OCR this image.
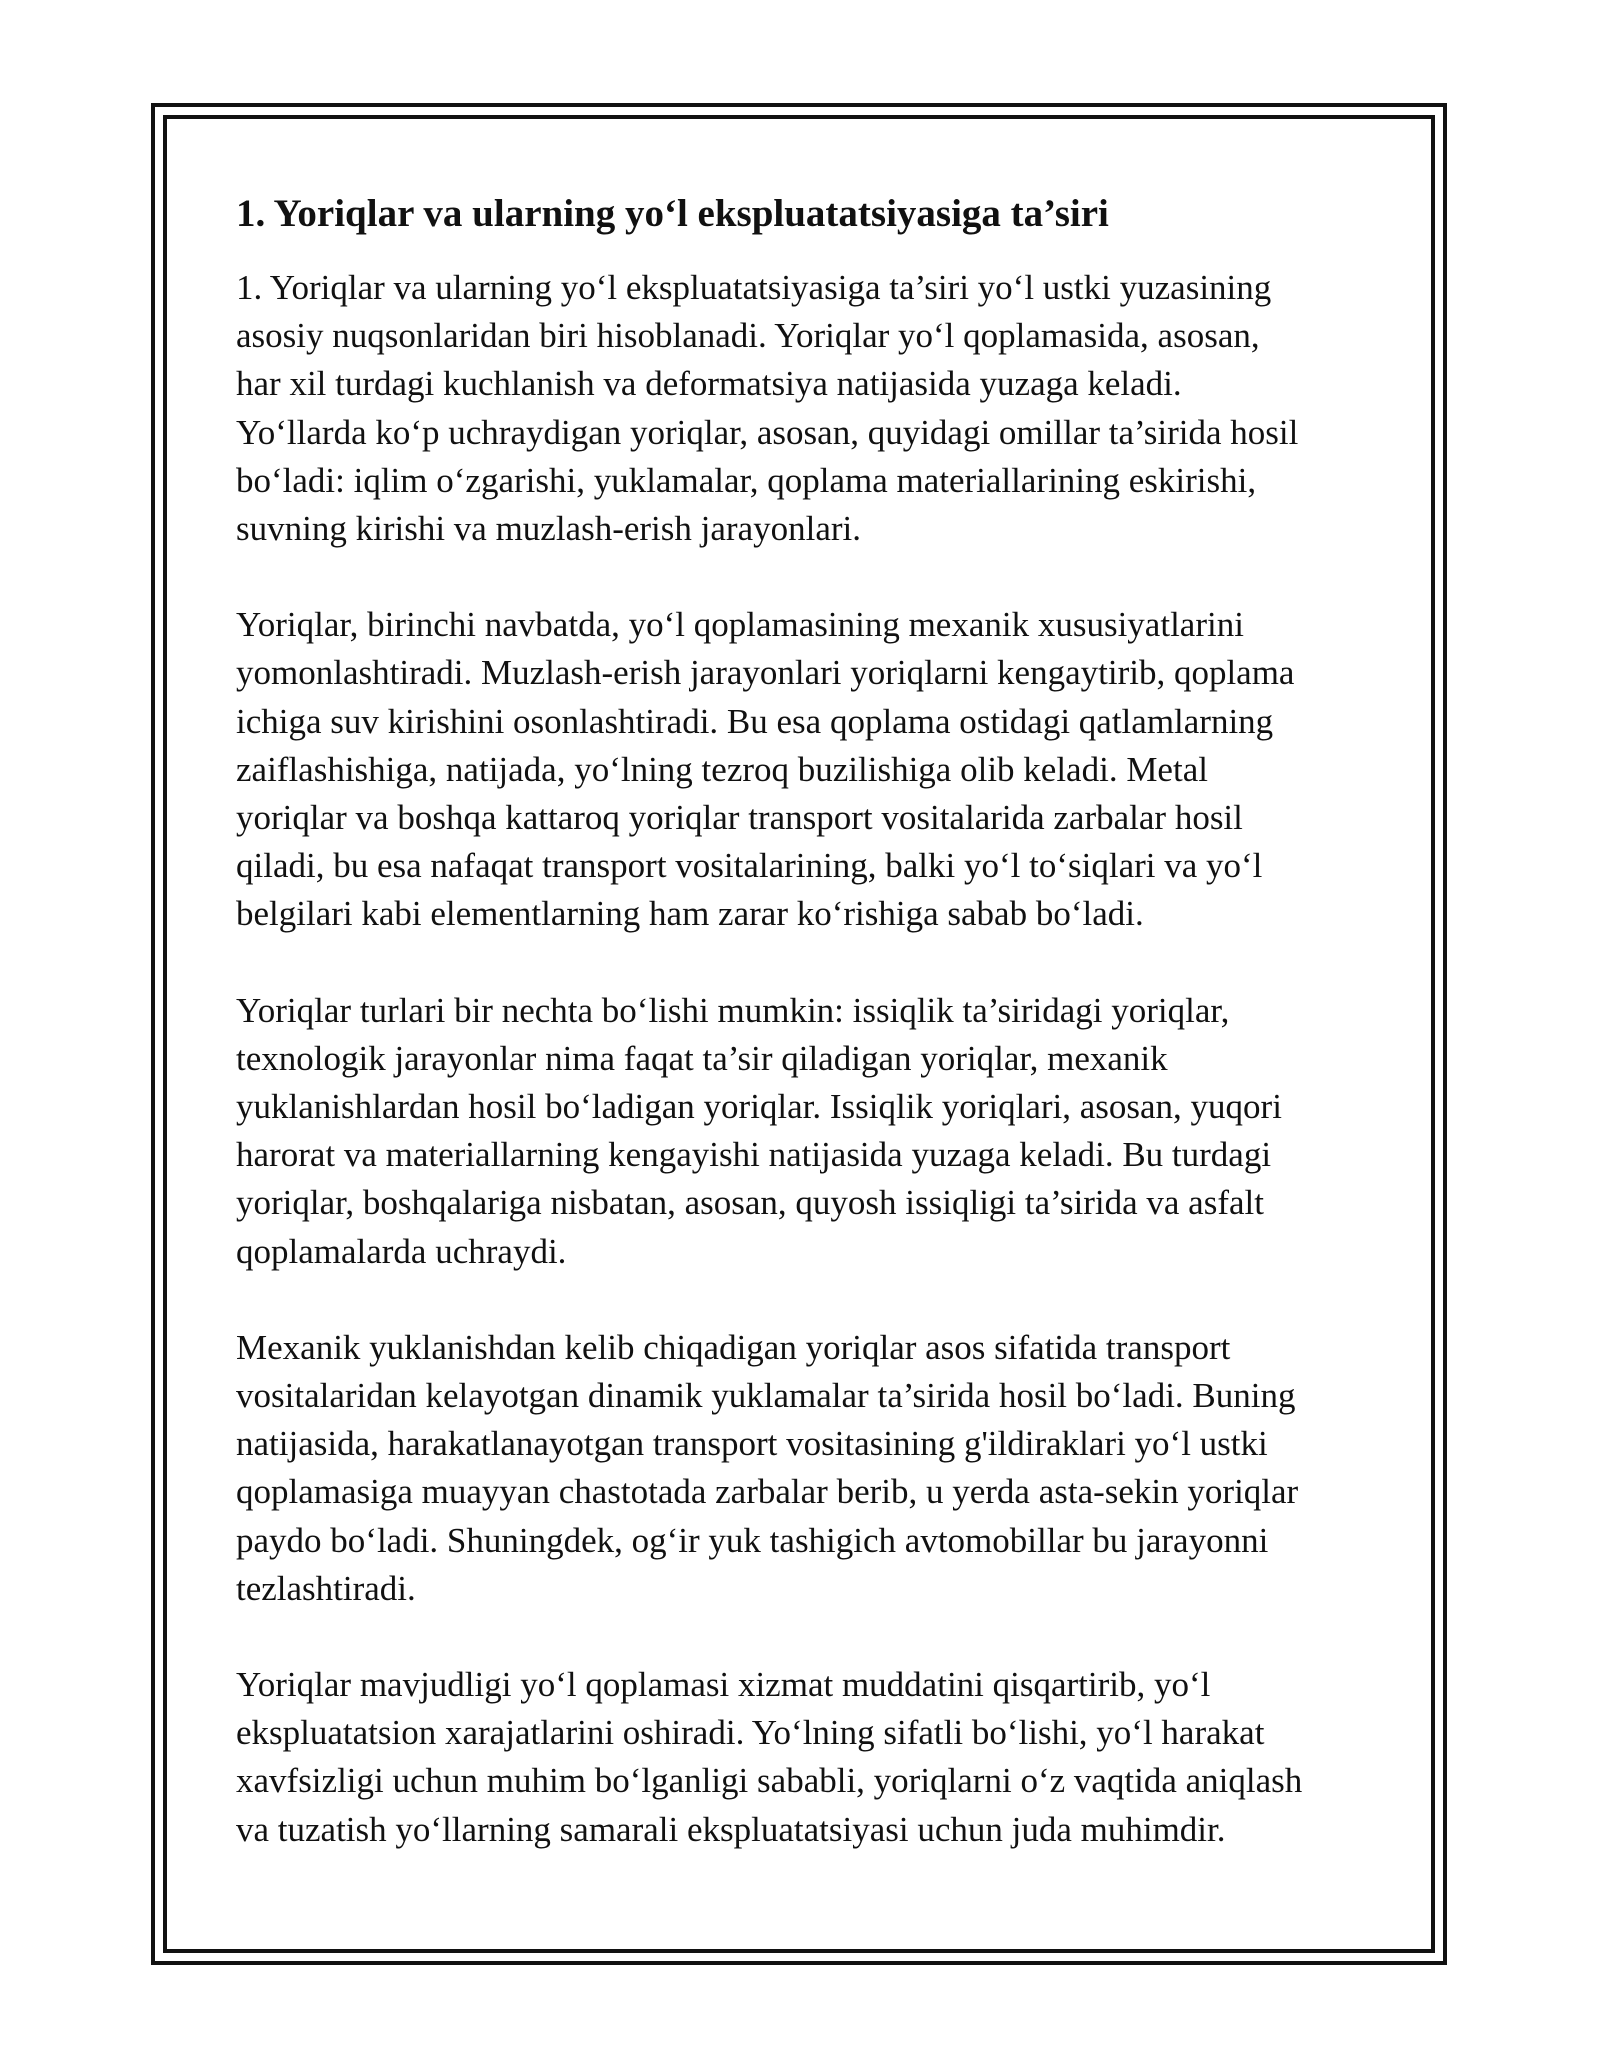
1. Yoriqlar va ularning yo‘l ekspluatatsiyasiga ta’siri

1. Yoriqlar va ularning yo‘l ekspluatatsiyasiga ta’siri yo‘l ustki yuzasining
asosiy nuqsonlaridan biri hisoblanadi. Yoriqlar yo‘l qoplamasida, asosan,
har xil turdagi kuchlanish va deformatsiya natijasida yuzaga keladi.
Yo‘llarda ko‘p uchraydigan yoriqlar, asosan, quyidagi omillar ta’sirida hosil
bo‘ladi: iqlim o‘zgarishi, yuklamalar, qoplama materiallarining eskirishi,
suvning kirishi va muzlash-erish jarayonlari.

Yoriqlar, birinchi navbatda, yo‘l qoplamasining mexanik xususiyatlarini
yomonlashtiradi. Muzlash-erish jarayonlari yoriqlarni kengaytirib, qoplama
ichiga suv kirishini osonlashtiradi. Bu esa qoplama ostidagi qatlamlarning
zaiflashishiga, natijada, yo‘lning tezroq buzilishiga olib keladi. Metal
yoriqlar va boshqa kattaroq yoriqlar transport vositalarida zarbalar hosil
qiladi, bu esa nafaqat transport vositalarining, balki yo‘l to‘siqlari va yo‘l
belgilari kabi elementlarning ham zarar ko‘rishiga sabab bo‘ladi.

Yoriqlar turlari bir nechta bo‘lishi mumkin: issiqlik ta’siridagi yoriqlar,
texnologik jarayonlar nima faqat ta’sir qiladigan yoriqlar, mexanik
yuklanishlardan hosil bo‘ladigan yoriqlar. Issiqlik yoriqlari, asosan, yuqori
harorat va materiallarning kengayishi natijasida yuzaga keladi. Bu turdagi
yoriqlar, boshqalariga nisbatan, asosan, quyosh issiqligi ta’sirida va asfalt
qoplamalarda uchraydi.

Mexanik yuklanishdan kelib chiqadigan yoriqlar asos sifatida transport
vositalaridan kelayotgan dinamik yuklamalar ta’sirida hosil bo‘ladi. Buning
natijasida, harakatlanayotgan transport vositasining g'ildiraklari yo‘l ustki
qoplamasiga muayyan chastotada zarbalar berib, u yerda asta-sekin yoriqlar
paydo bo‘ladi. Shuningdek, og‘ir yuk tashigich avtomobillar bu jarayonni
tezlashtiradi.

Yoriqlar mavjudligi yo‘l qoplamasi xizmat muddatini qisqartirib, yo‘l
ekspluatatsion xarajatlarini oshiradi. Yo‘lning sifatli bo‘lishi, yo‘l harakat
xavfsizligi uchun muhim bo‘lganligi sababli, yoriqlarni o‘z vaqtida aniqlash
va tuzatish yo‘llarning samarali ekspluatatsiyasi uchun juda muhimdir.
